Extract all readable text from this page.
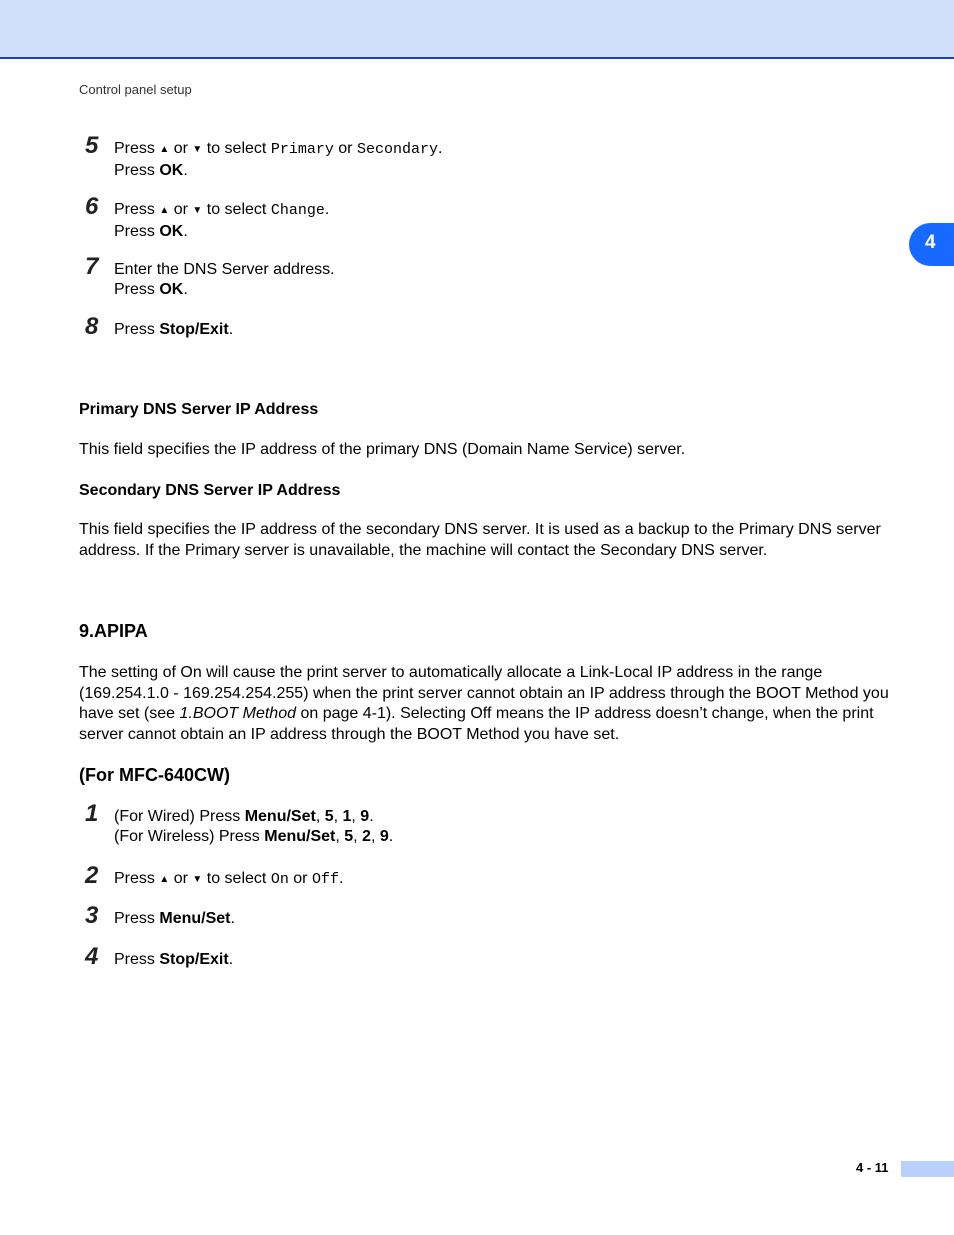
Control panel setup
4
5 Press ▲ or ▼ to select Primary or Secondary.
Press OK.
6 Press ▲ or ▼ to select Change.
Press OK.
7 Enter the DNS Server address.
Press OK.
8 Press Stop/Exit.
Primary DNS Server IP Address
This field specifies the IP address of the primary DNS (Domain Name Service) server.
Secondary DNS Server IP Address
This field specifies the IP address of the secondary DNS server. It is used as a backup to the Primary DNS server address. If the Primary server is unavailable, the machine will contact the Secondary DNS server.
9.APIPA
The setting of On will cause the print server to automatically allocate a Link-Local IP address in the range (169.254.1.0 - 169.254.254.255) when the print server cannot obtain an IP address through the BOOT Method you have set (see 1.BOOT Method on page 4-1). Selecting Off means the IP address doesn’t change, when the print server cannot obtain an IP address through the BOOT Method you have set.
(For MFC-640CW)
1 (For Wired) Press Menu/Set, 5, 1, 9.
(For Wireless) Press Menu/Set, 5, 2, 9.
2 Press ▲ or ▼ to select On or Off.
3 Press Menu/Set.
4 Press Stop/Exit.
4 - 11
